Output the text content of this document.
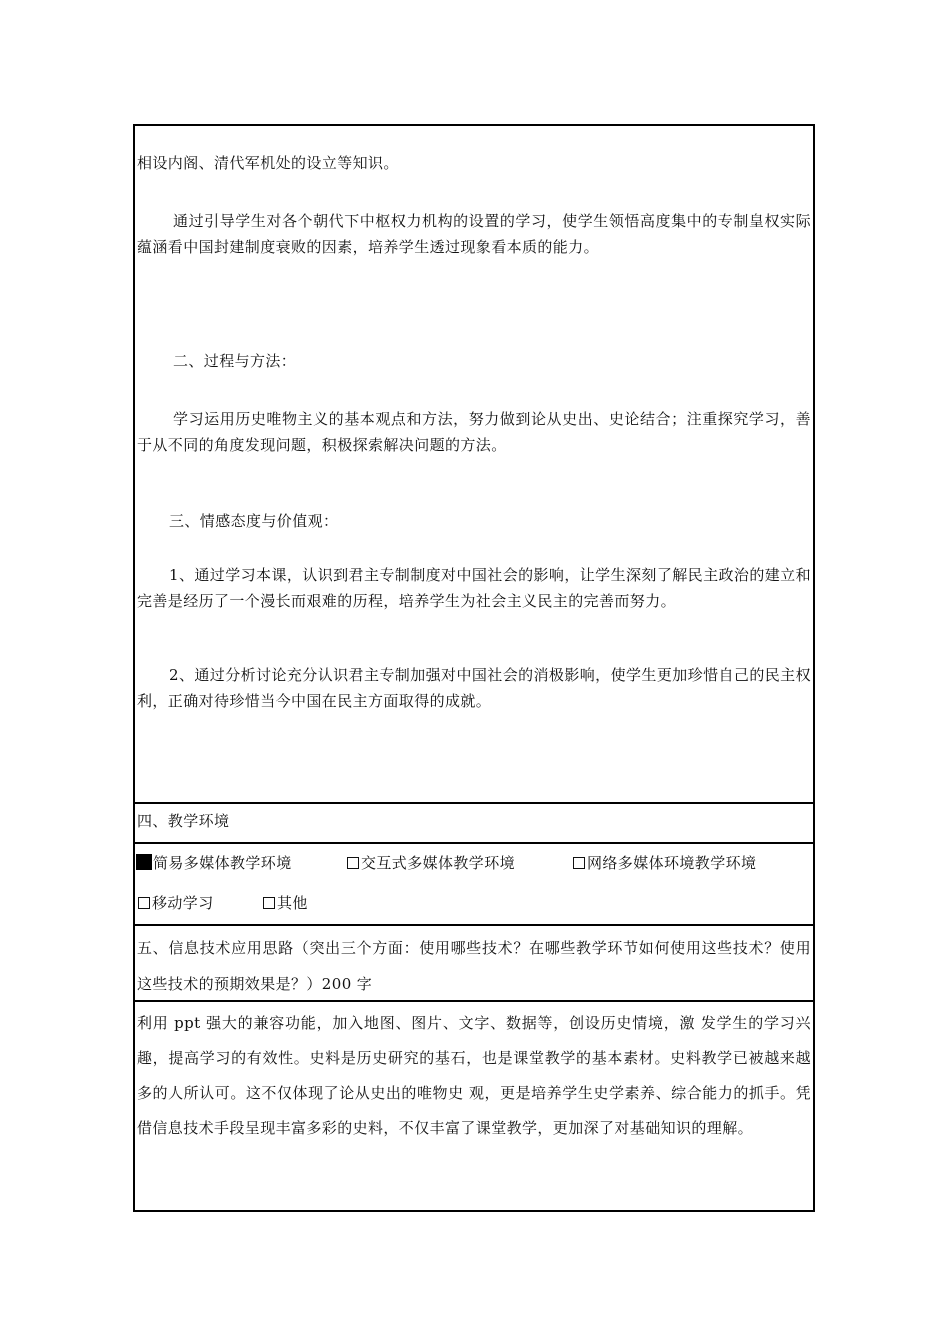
相设内阁、清代军机处的设立等知识。

通过引导学生对各个朝代下中枢权力机构的设置的学习，使学生领悟高度集中的专制皇权实际蕴涵看中国封建制度衰败的因素，培养学生透过现象看本质的能力。

二、过程与方法：

学习运用历史唯物主义的基本观点和方法，努力做到论从史出、史论结合；注重探究学习，善于从不同的角度发现问题，积极探索解决问题的方法。

三、情感态度与价值观：

1、通过学习本课，认识到君主专制制度对中国社会的影响，让学生深刻了解民主政治的建立和完善是经历了一个漫长而艰难的历程，培养学生为社会主义民主的完善而努力。

2、通过分析讨论充分认识君主专制加强对中国社会的消极影响，使学生更加珍惜自己的民主权利，正确对待珍惜当今中国在民主方面取得的成就。

四、教学环境

简易多媒体教学环境	交互式多媒体教学环境	网络多媒体环境教学环境
移动学习	其他

五、信息技术应用思路（突出三个方面：使用哪些技术？在哪些教学环节如何使用这些技术？使用这些技术的预期效果是？）200 字

利用 ppt 强大的兼容功能，加入地图、图片、文字、数据等，创设历史情境，激 发学生的学习兴趣，提高学习的有效性。史料是历史研究的基石，也是课堂教学的基本素材。史料教学已被越来越多的人所认可。这不仅体现了论从史出的唯物史 观，更是培养学生史学素养、综合能力的抓手。凭借信息技术手段呈现丰富多彩的史料，不仅丰富了课堂教学，更加深了对基础知识的理解。
